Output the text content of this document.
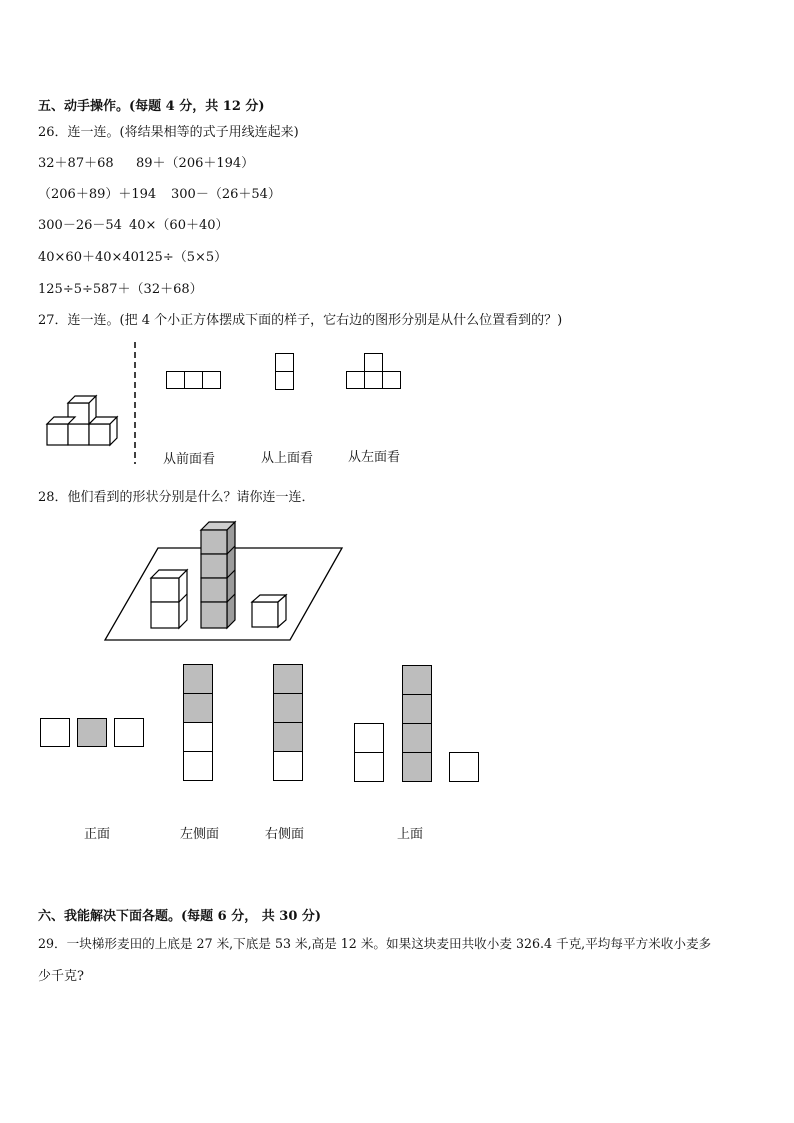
五、动手操作。(每题 4 分，共 12 分)
26．连一连。(将结果相等的式子用线连起来)
32＋87＋68 89＋（206＋194）
（206＋89）＋194 300－（26＋54）
300－26－54 40×（60＋40）
40×60＋40×40 125÷（5×5）
125÷5÷5 87＋（32＋68）
27．连一连。(把 4 个小正方体摆成下面的样子，它右边的图形分别是从什么位置看到的？)
从前面看	从上面看	从左面看
28．他们看到的形状分别是什么？请你连一连．
正面	左侧面	右侧面	上面
六、我能解决下面各题。(每题 6 分， 共 30 分)
29．一块梯形麦田的上底是 27 米,下底是 53 米,高是 12 米。如果这块麦田共收小麦 326.4 千克,平均每平方米收小麦多
少千克?
